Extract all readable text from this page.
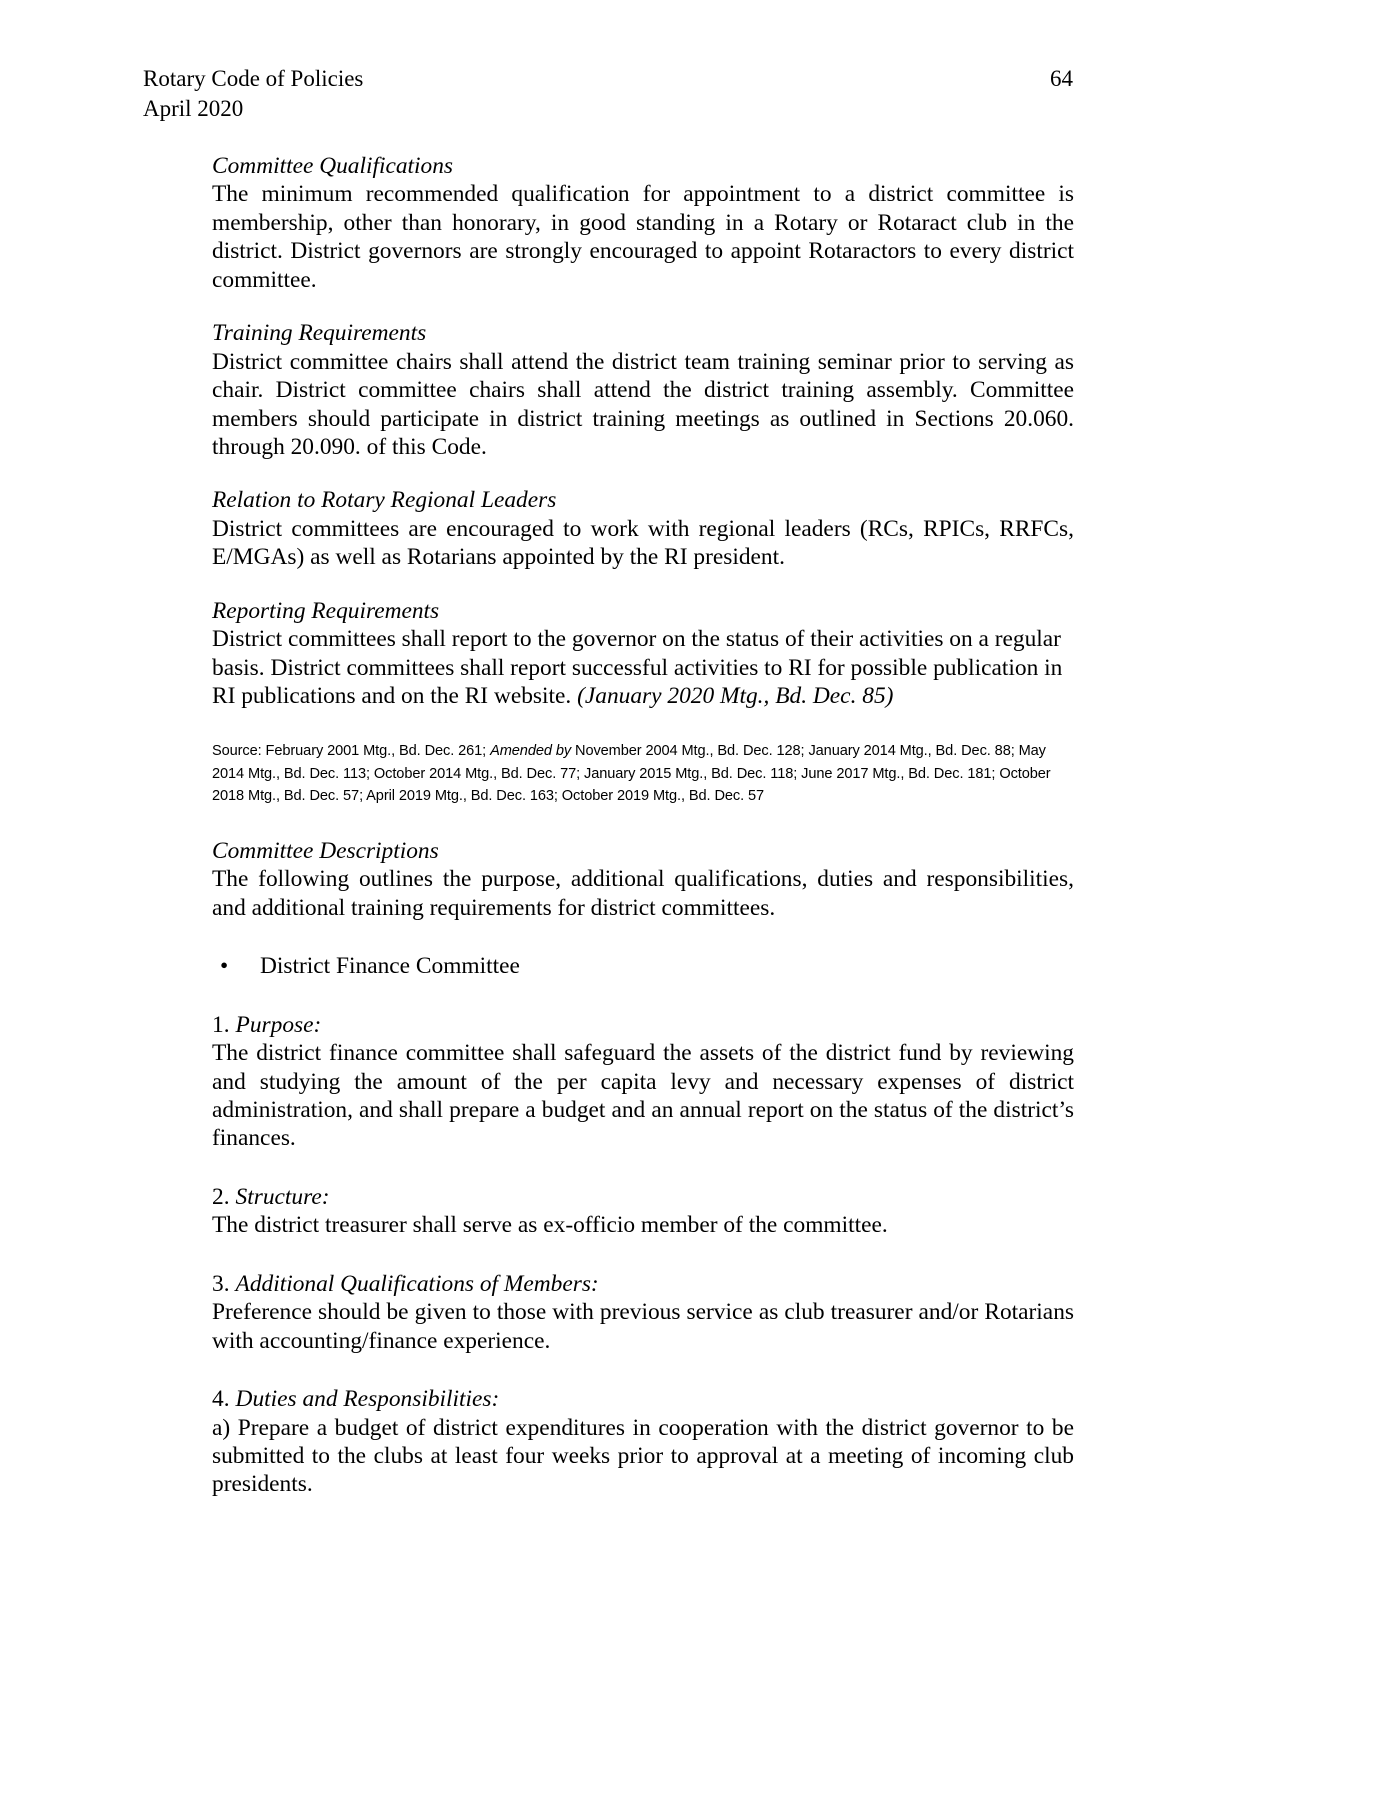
Rotary Code of Policies	64
April 2020
Committee Qualifications

The minimum recommended qualification for appointment to a district committee is membership, other than honorary, in good standing in a Rotary or Rotaract club in the district. District governors are strongly encouraged to appoint Rotaractors to every district committee.

Training Requirements

District committee chairs shall attend the district team training seminar prior to serving as chair. District committee chairs shall attend the district training assembly. Committee members should participate in district training meetings as outlined in Sections 20.060. through 20.090. of this Code.

Relation to Rotary Regional Leaders

District committees are encouraged to work with regional leaders (RCs, RPICs, RRFCs, E/MGAs) as well as Rotarians appointed by the RI president.

Reporting Requirements

District committees shall report to the governor on the status of their activities on a regular basis. District committees shall report successful activities to RI for possible publication in RI publications and on the RI website. (January 2020 Mtg., Bd. Dec. 85)

Source: February 2001 Mtg., Bd. Dec. 261; Amended by November 2004 Mtg., Bd. Dec. 128; January 2014 Mtg., Bd. Dec. 88; May 2014 Mtg., Bd. Dec. 113; October 2014 Mtg., Bd. Dec. 77; January 2015 Mtg., Bd. Dec. 118; June 2017 Mtg., Bd. Dec. 181; October 2018 Mtg., Bd. Dec. 57; April 2019 Mtg., Bd. Dec. 163; October 2019 Mtg., Bd. Dec. 57

Committee Descriptions

The following outlines the purpose, additional qualifications, duties and responsibilities, and additional training requirements for district committees.

•	District Finance Committee
1. Purpose:

The district finance committee shall safeguard the assets of the district fund by reviewing and studying the amount of the per capita levy and necessary expenses of district administration, and shall prepare a budget and an annual report on the status of the district’s finances.

2. Structure:

The district treasurer shall serve as ex-officio member of the committee.

3. Additional Qualifications of Members:

Preference should be given to those with previous service as club treasurer and/or Rotarians with accounting/finance experience.

4. Duties and Responsibilities:

a) Prepare a budget of district expenditures in cooperation with the district governor to be submitted to the clubs at least four weeks prior to approval at a meeting of incoming club presidents.
